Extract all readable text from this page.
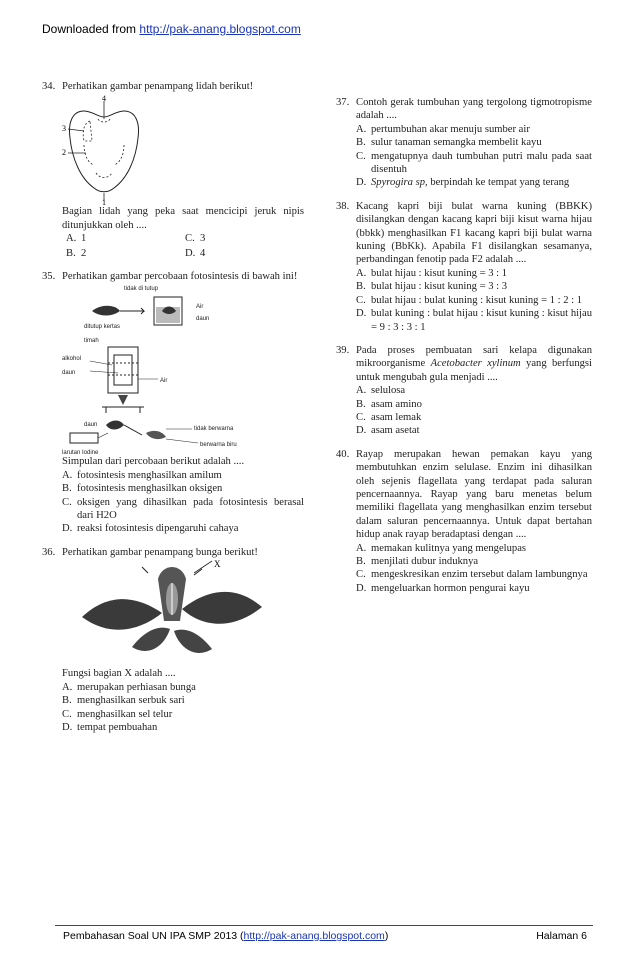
Downloaded from http://pak-anang.blogspot.com
34. Perhatikan gambar penampang lidah berikut!
4
3
2
1
Bagian lidah yang peka saat mencicipi jeruk nipis ditunjukkan oleh ....
A. 1	C. 3
B. 2	D. 4
35. Perhatikan gambar percobaan fotosintesis di bawah ini!
tidak di tutup
Air
daun
ditutup kertas timah
alkohol
daun
Air
daun
tidak berwarna
berwarna biru
larutan Iodine
Simpulan dari percobaan berikut adalah ....
A. fotosintesis menghasilkan amilum
B. fotosintesis menghasilkan oksigen
C. oksigen yang dihasilkan pada fotosintesis berasal dari H2O
D. reaksi fotosintesis dipengaruhi cahaya
36. Perhatikan gambar penampang bunga berikut!
X
Fungsi bagian X adalah ....
A. merupakan perhiasan bunga
B. menghasilkan serbuk sari
C. menghasilkan sel telur
D. tempat pembuahan
37. Contoh gerak tumbuhan yang tergolong tigmotropisme adalah ....
A. pertumbuhan akar menuju sumber air
B. sulur tanaman semangka membelit kayu
C. mengatupnya dauh tumbuhan putri malu pada saat disentuh
D. Spyrogira sp, berpindah ke tempat yang terang
38. Kacang kapri biji bulat warna kuning (BBKK) disilangkan dengan kacang kapri biji kisut warna hijau (bbkk) menghasilkan F1 kacang kapri biji bulat warna kuning (BbKk). Apabila F1 disilangkan sesamanya, perbandingan fenotip pada F2 adalah ....
A. bulat hijau : kisut kuning = 3 : 1
B. bulat hijau : kisut kuning = 3 : 3
C. bulat hijau : bulat kuning : kisut kuning = 1 : 2 : 1
D. bulat kuning : bulat hijau : kisut kuning : kisut hijau = 9 : 3 : 3 : 1
39. Pada proses pembuatan sari kelapa digunakan mikroorganisme Acetobacter xylinum yang berfungsi untuk mengubah gula menjadi ....
A. selulosa
B. asam amino
C. asam lemak
D. asam asetat
40. Rayap merupakan hewan pemakan kayu yang membutuhkan enzim selulase. Enzim ini dihasilkan oleh sejenis flagellata yang terdapat pada saluran pencernaannya. Rayap yang baru menetas belum memiliki flagellata yang menghasilkan enzim tersebut dalam saluran pencernaannya. Untuk dapat bertahan hidup anak rayap beradaptasi dengan ....
A. memakan kulitnya yang mengelupas
B. menjilati dubur induknya
C. mengeskresikan enzim tersebut dalam lambungnya
D. mengeluarkan hormon pengurai kayu
Pembahasan Soal UN IPA SMP 2013 (http://pak-anang.blogspot.com)	Halaman 6
